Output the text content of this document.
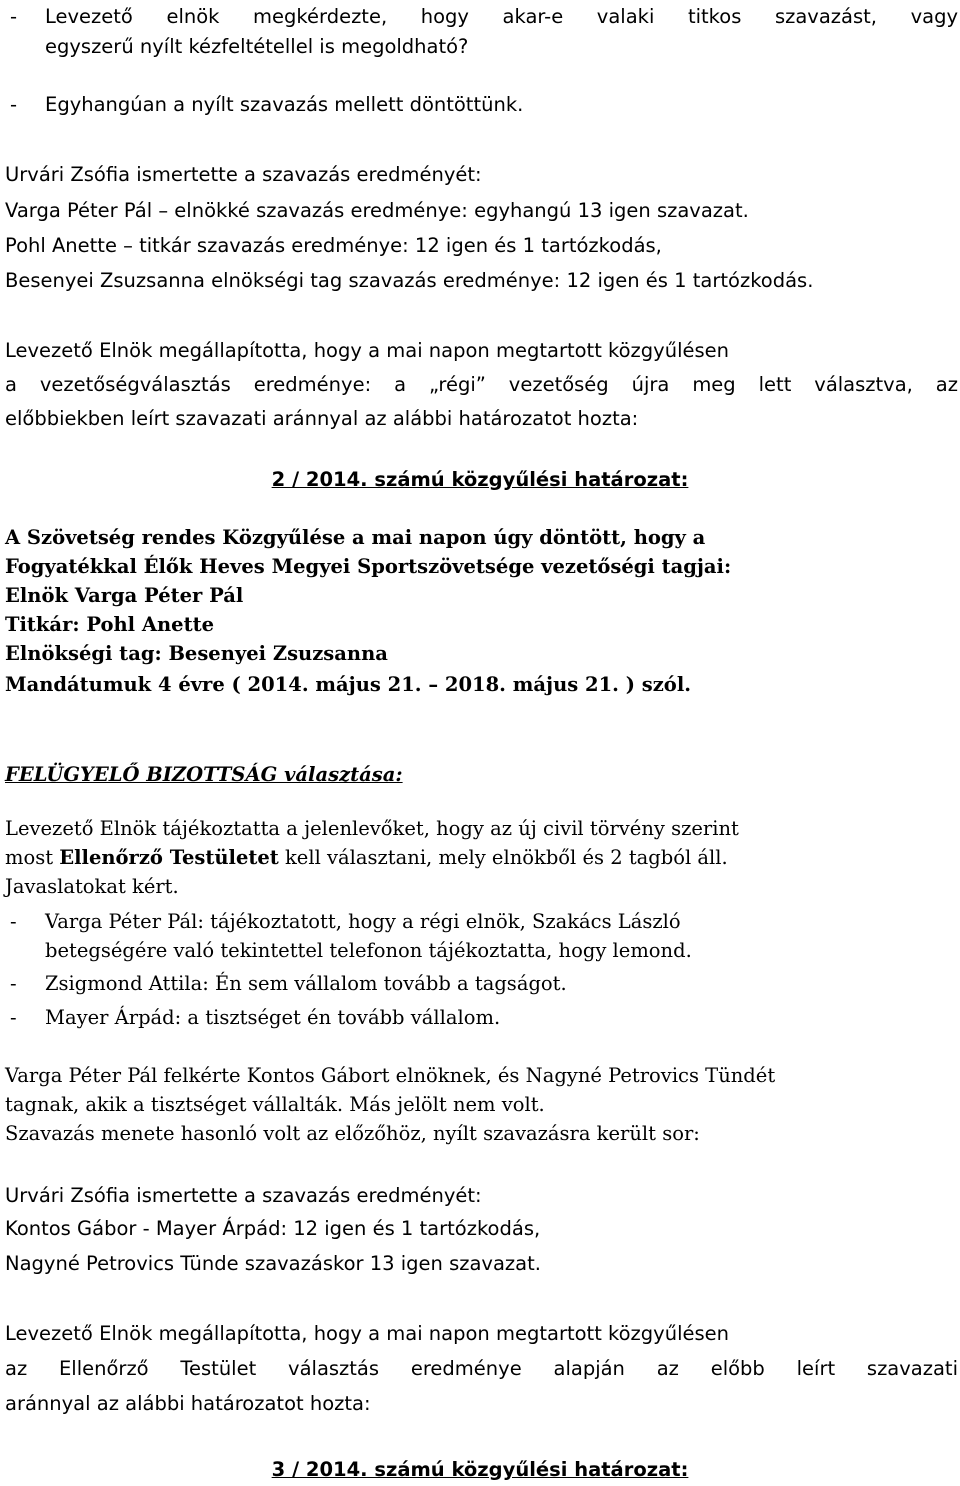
- Levezető elnök megkérdezte, hogy akar-e valaki titkos szavazást, vagy
egyszerű nyílt kézfeltétellel is megoldható?
- Egyhangúan a nyílt szavazás mellett döntöttünk.
Urvári Zsófia ismertette a szavazás eredményét:
Varga Péter Pál – elnökké szavazás eredménye: egyhangú 13 igen szavazat.
Pohl Anette – titkár szavazás eredménye: 12 igen és 1 tartózkodás,
Besenyei Zsuzsanna elnökségi tag szavazás eredménye: 12 igen és 1 tartózkodás.
Levezető Elnök megállapította, hogy a mai napon megtartott közgyűlésen
a vezetőségválasztás eredménye: a „régi” vezetőség újra meg lett választva, az
előbbiekben leírt szavazati aránnyal az alábbi határozatot hozta:
2 / 2014. számú közgyűlési határozat:
A Szövetség rendes Közgyűlése a mai napon úgy döntött, hogy a
Fogyatékkal Élők Heves Megyei Sportszövetsége vezetőségi tagjai:
Elnök Varga Péter Pál
Titkár: Pohl Anette
Elnökségi tag: Besenyei Zsuzsanna
Mandátumuk 4 évre ( 2014. május 21. – 2018. május 21. ) szól.
FELÜGYELŐ BIZOTTSÁG választása:
Levezető Elnök tájékoztatta a jelenlevőket, hogy az új civil törvény szerint
most Ellenőrző Testületet kell választani, mely elnökből és 2 tagból áll.
Javaslatokat kért.
- Varga Péter Pál: tájékoztatott, hogy a régi elnök, Szakács László
betegségére való tekintettel telefonon tájékoztatta, hogy lemond.
- Zsigmond Attila: Én sem vállalom tovább a tagságot.
- Mayer Árpád: a tisztséget én tovább vállalom.
Varga Péter Pál felkérte Kontos Gábort elnöknek, és Nagyné Petrovics Tündét
tagnak, akik a tisztséget vállalták. Más jelölt nem volt.
Szavazás menete hasonló volt az előzőhöz, nyílt szavazásra került sor:
Urvári Zsófia ismertette a szavazás eredményét:
Kontos Gábor - Mayer Árpád: 12 igen és 1 tartózkodás,
Nagyné Petrovics Tünde szavazáskor 13 igen szavazat.
Levezető Elnök megállapította, hogy a mai napon megtartott közgyűlésen
az Ellenőrző Testület választás eredménye alapján az előbb leírt szavazati
aránnyal az alábbi határozatot hozta:
3 / 2014. számú közgyűlési határozat:
